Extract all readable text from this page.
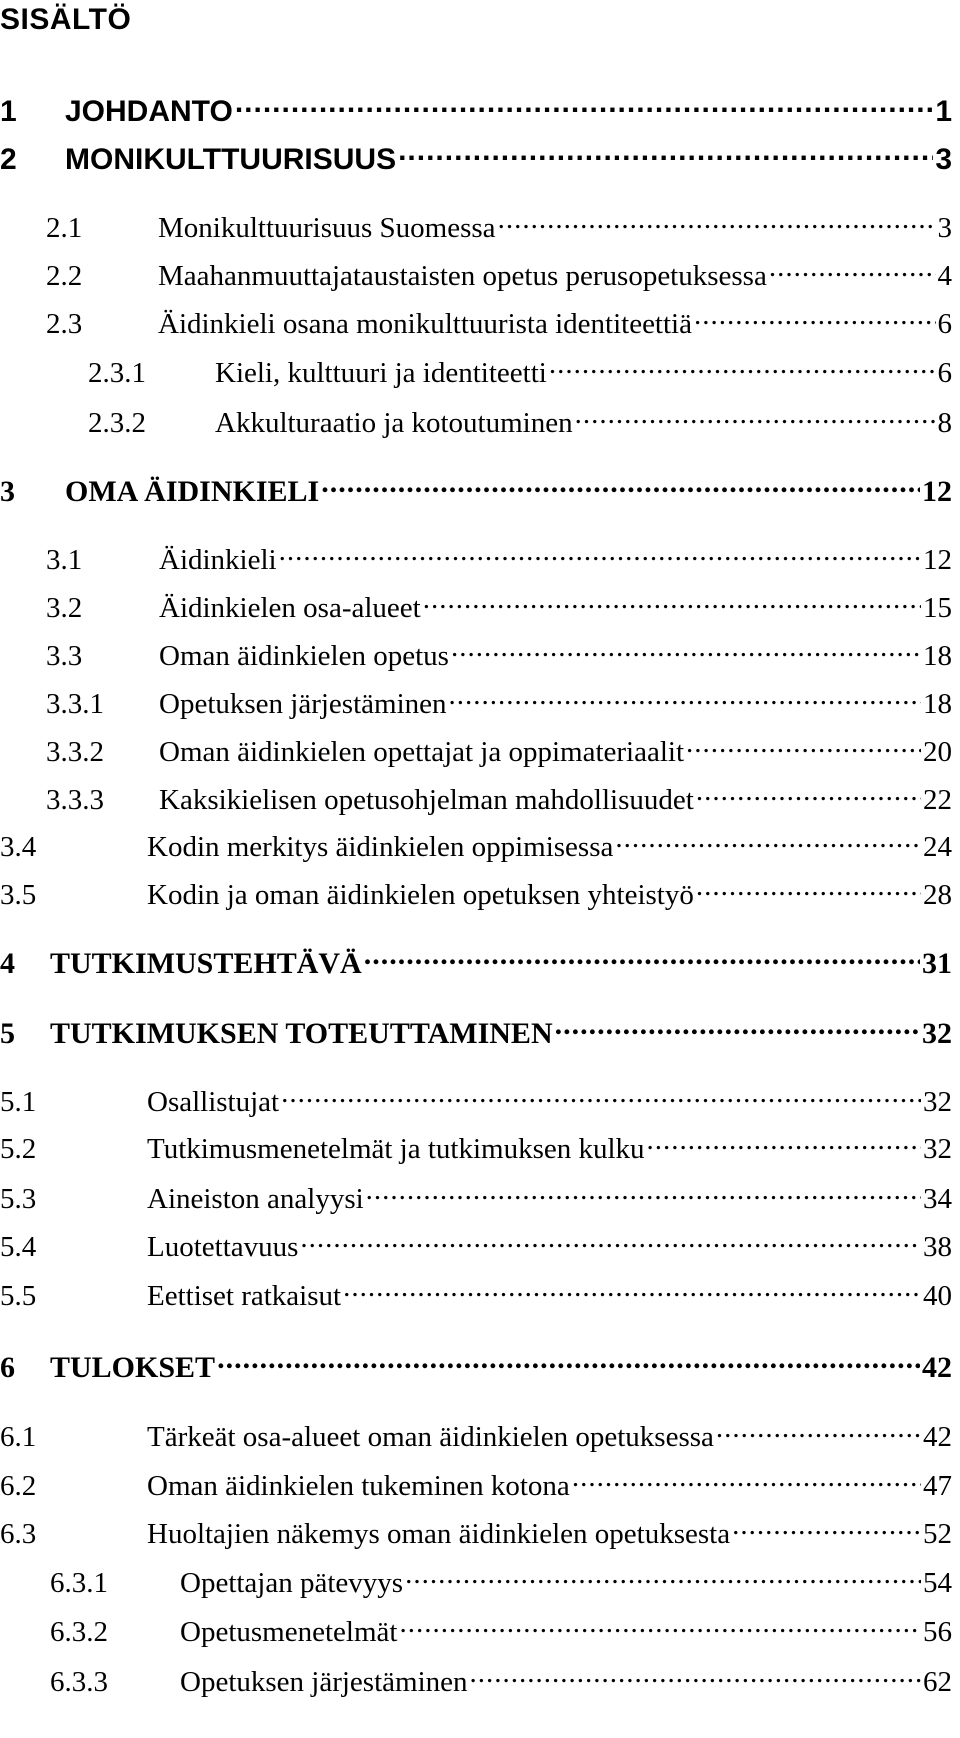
SISÄLTÖ
1	JOHDANTO .....	1
2	MONIKULTTUURISUUS .....	3
2.1	Monikulttuurisuus Suomessa .....	3
2.2	Maahanmuuttajataustaisten opetus perusopetuksessa .....	4
2.3	Äidinkieli osana monikulttuurista identiteettiä .....	6
2.3.1	Kieli, kulttuuri ja identiteetti .....	6
2.3.2	Akkulturaatio ja kotoutuminen .....	8
3	OMA ÄIDINKIELI .....	12
3.1	Äidinkieli .....	12
3.2	Äidinkielen osa-alueet .....	15
3.3	Oman äidinkielen opetus .....	18
3.3.1	Opetuksen järjestäminen .....	18
3.3.2	Oman äidinkielen opettajat ja oppimateriaalit .....	20
3.3.3	Kaksikielisen opetusohjelman mahdollisuudet .....	22
3.4	Kodin merkitys äidinkielen oppimisessa .....	24
3.5	Kodin ja oman äidinkielen opetuksen yhteistyö .....	28
4	TUTKIMUSTEHTÄVÄ .....	31
5	TUTKIMUKSEN TOTEUTTAMINEN .....	32
5.1	Osallistujat .....	32
5.2	Tutkimusmenetelmät ja tutkimuksen kulku .....	32
5.3	Aineiston analyysi .....	34
5.4	Luotettavuus .....	38
5.5	Eettiset ratkaisut .....	40
6	TULOKSET .....	42
6.1	Tärkeät osa-alueet oman äidinkielen opetuksessa .....	42
6.2	Oman äidinkielen tukeminen kotona .....	47
6.3	Huoltajien näkemys oman äidinkielen opetuksesta .....	52
6.3.1	Opettajan pätevyys .....	54
6.3.2	Opetusmenetelmät .....	56
6.3.3	Opetuksen järjestäminen .....	62
